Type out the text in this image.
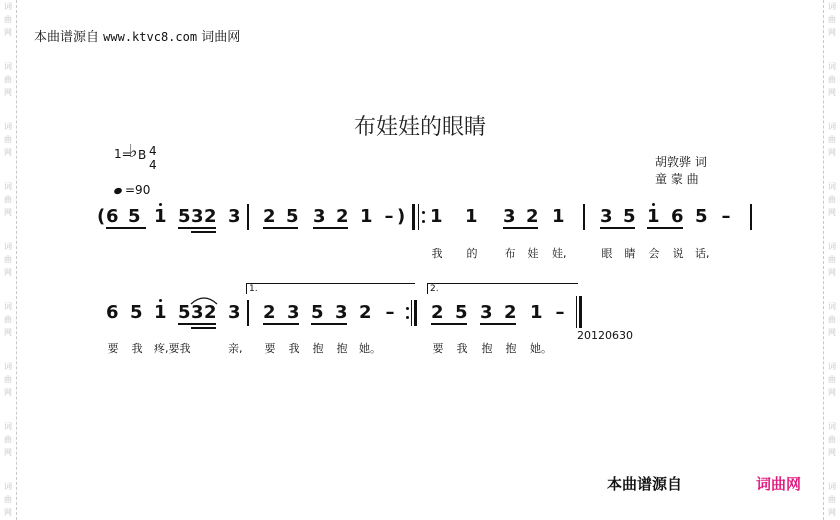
词
曲
网
词
曲
网
词
曲
网
词
曲
网
词
曲
网
词
曲
网
词
曲
网
词
曲
网
词
曲
网
词
曲
网
词
曲
网
词
曲
网
词
曲
网
词
曲
网
词
曲
网
词
曲
网
词
曲
网
词
曲
网
本曲谱源自 www.ktvc8.com 词曲网
布娃娃的眼睛
1=
♭ B 4
4
=90
胡敦骅 词
童 蒙 曲
( 6 5 1 5 3 2 3 2 5 3 2 1 – ) 1 1 3 2 1 3 5 1 6 5 –
我 的 布 娃 娃,	眼 睛 会 说 话,
1.	2.
6 5 1 5 3 2 3 2 3 5 3 2 – 2 5 3 2 1 –
20120630
要 我 疼,要我	亲,	要 我 抱 抱 她。	要 我 抱 抱 她。
本曲谱源自	词曲网
